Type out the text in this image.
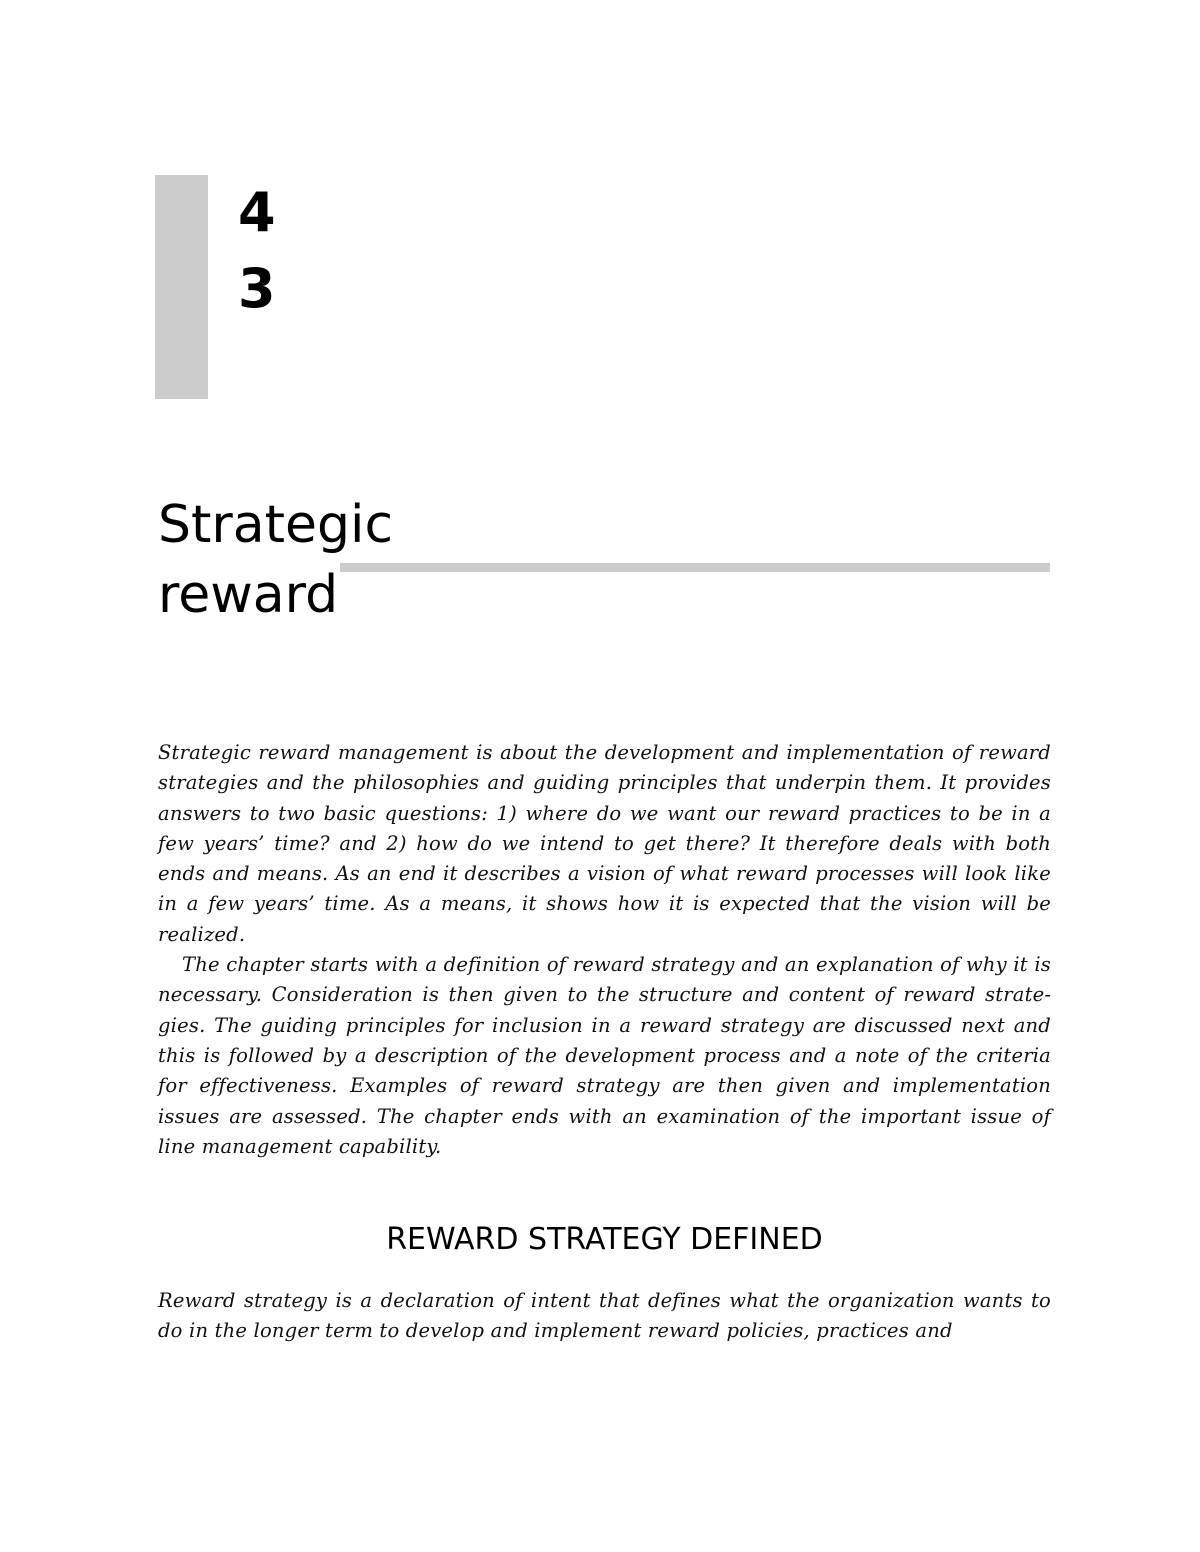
4
3
Strategic
reward

Strategic reward management is about the development and implementation of reward strategies and the philosophies and guiding principles that underpin them. It provides answers to two basic questions: 1) where do we want our reward practices to be in a few years’ time? and 2) how do we intend to get there? It therefore deals with both ends and means. As an end it describes a vision of what reward processes will look like in a few years’ time. As a means, it shows how it is expected that the vision will be realized.

The chapter starts with a definition of reward strategy and an explanation of why it is necessary. Consideration is then given to the structure and content of reward strategies. The guiding principles for inclusion in a reward strategy are discussed next and this is followed by a description of the development process and a note of the criteria for effectiveness. Examples of reward strategy are then given and implementation issues are assessed. The chapter ends with an examination of the important issue of line management capability.

REWARD STRATEGY DEFINED

Reward strategy is a declaration of intent that defines what the organization wants to do in the longer term to develop and implement reward policies, practices and
